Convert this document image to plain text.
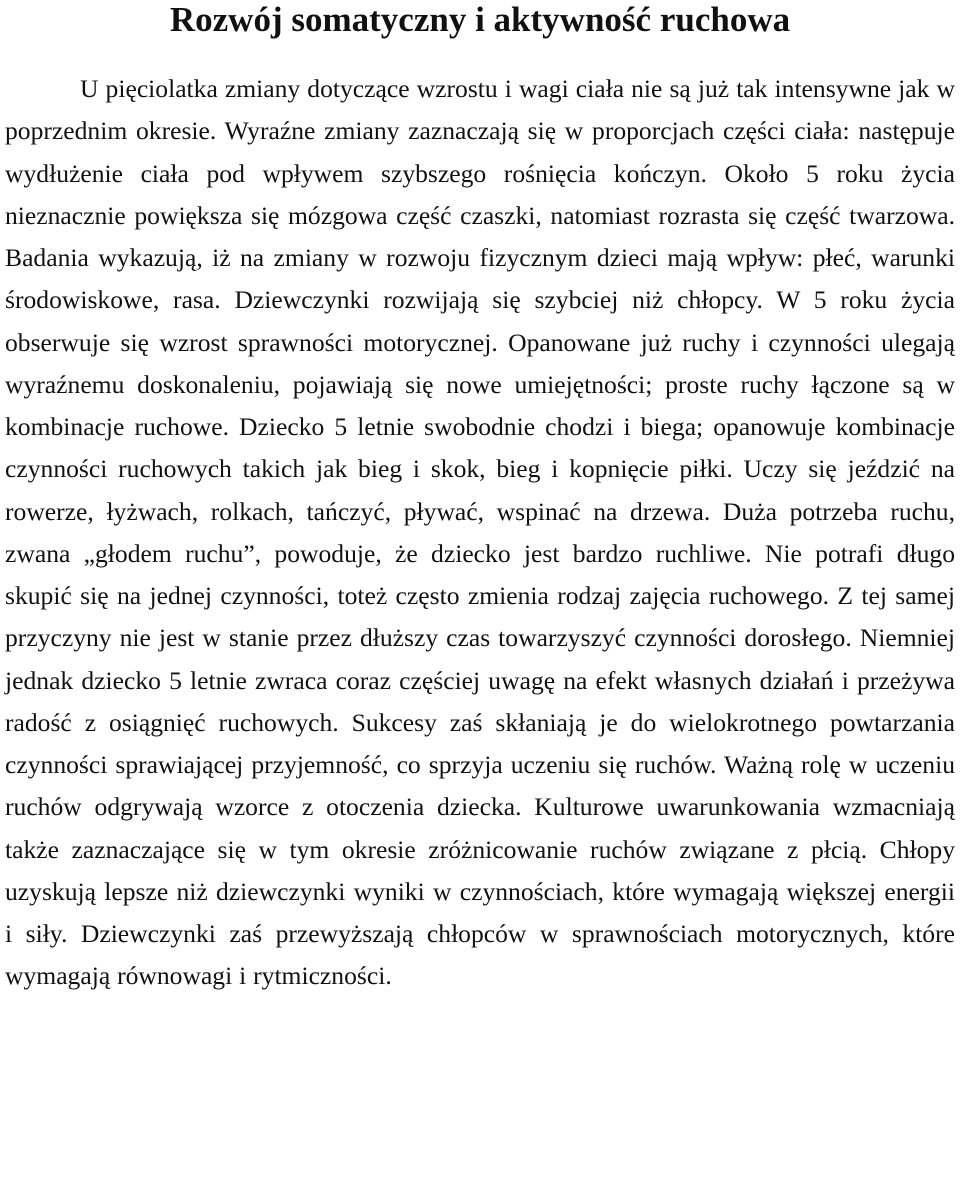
Rozwój somatyczny i aktywność ruchowa

U pięciolatka zmiany dotyczące wzrostu i wagi ciała nie są już tak intensywne jak w poprzednim okresie. Wyraźne zmiany zaznaczają się w proporcjach części ciała: następuje wydłużenie ciała pod wpływem szybszego rośnięcia kończyn. Około 5 roku życia nieznacznie powiększa się mózgowa część czaszki, natomiast rozrasta się część twarzowa. Badania wykazują, iż na zmiany w rozwoju fizycznym dzieci mają wpływ: płeć, warunki środowiskowe, rasa. Dziewczynki rozwijają się szybciej niż chłopcy. W 5 roku życia obserwuje się wzrost sprawności motorycznej. Opanowane już ruchy i czynności ulegają wyraźnemu doskonaleniu, pojawiają się nowe umiejętności; proste ruchy łączone są w kombinacje ruchowe. Dziecko 5 letnie swobodnie chodzi i biega; opanowuje kombinacje czynności ruchowych takich jak bieg i skok, bieg i kopnięcie piłki. Uczy się jeździć na rowerze, łyżwach, rolkach, tańczyć, pływać, wspinać na drzewa. Duża potrzeba ruchu, zwana „głodem ruchu”, powoduje, że dziecko jest bardzo ruchliwe. Nie potrafi długo skupić się na jednej czynności, toteż często zmienia rodzaj zajęcia ruchowego. Z tej samej przyczyny nie jest w stanie przez dłuższy czas towarzyszyć czynności dorosłego. Niemniej jednak dziecko 5 letnie zwraca coraz częściej uwagę na efekt własnych działań i przeżywa radość z osiągnięć ruchowych. Sukcesy zaś skłaniają je do wielokrotnego powtarzania czynności sprawiającej przyjemność, co sprzyja uczeniu się ruchów. Ważną rolę w uczeniu ruchów odgrywają wzorce z otoczenia dziecka. Kulturowe uwarunkowania wzmacniają także zaznaczające się w tym okresie zróżnicowanie ruchów związane z płcią. Chłopy uzyskują lepsze niż dziewczynki wyniki w czynnościach, które wymagają większej energii i siły. Dziewczynki zaś przewyższają chłopców w sprawnościach motorycznych, które wymagają równowagi i rytmiczności.
